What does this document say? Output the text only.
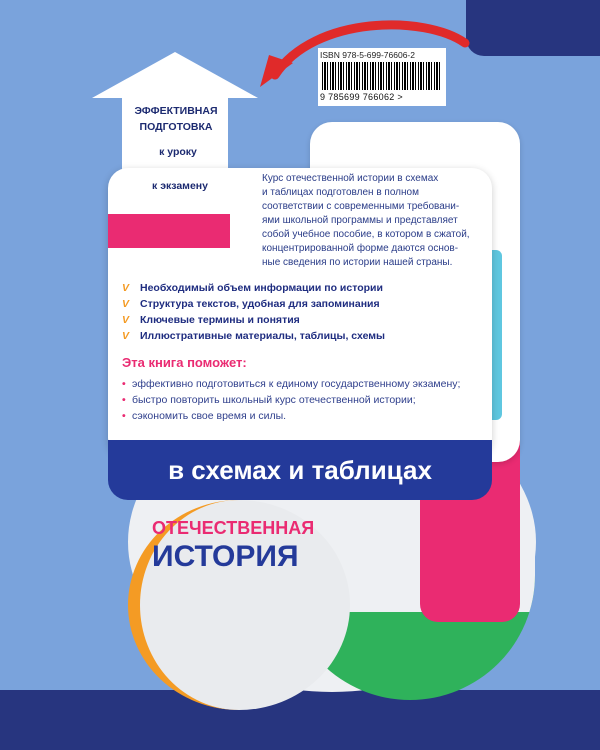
ISBN 978-5-699-76606-2
9 785699 766062 >
в схемах и таблицах
ЭФФЕКТИВНАЯ
ПОДГОТОВКА
к уроку
к экзамену
Курс отечественной истории в схемах
и таблицах подготовлен в полном
соответствии с современными требовани-
ями школьной программы и представляет
собой учебное пособие, в котором в сжатой,
концентрированной форме даются основ-
ные сведения по истории нашей страны.
V Необходимый объем информации по истории
V Структура текстов, удобная для запоминания
V Ключевые термины и понятия
V Иллюстративные материалы, таблицы, схемы
Эта книга поможет:
• эффективно подготовиться к единому государственному экзамену;
• быстро повторить школьный курс отечественной истории;
• сэкономить свое время и силы.
ОТЕЧЕСТВЕННАЯ
ИСТОРИЯ
